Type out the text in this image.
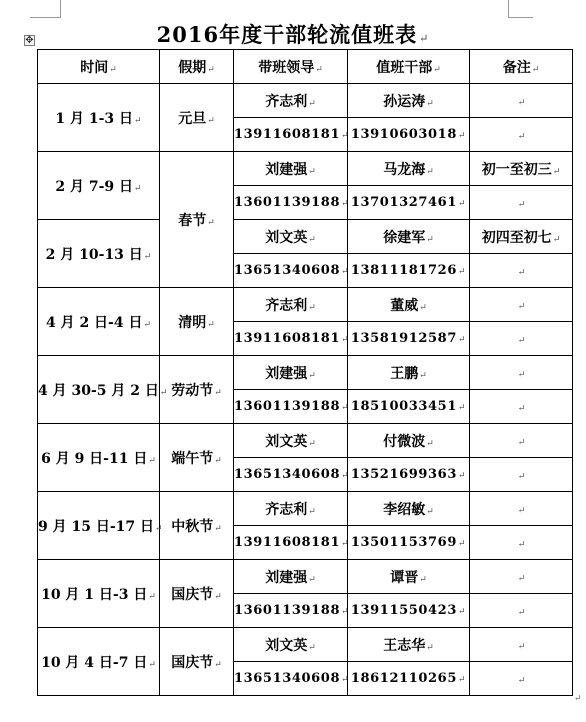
✥	2016年度干部轮流值班表 ↵
时间↵	假期↵	带班领导↵	值班干部↵	备注↵
1 月 1-3 日↵	元旦↵	齐志利↵	孙运涛↵	↵
		13911608181↵	13910603018↵	↵
2 月 7-9 日↵	春节↵	刘建强↵	马龙海↵	初一至初三↵
		13601139188↵	13701327461↵	↵
2 月 10-13 日↵		刘文英↵	徐建军↵	初四至初七↵
		13651340608↵	13811181726↵	↵
4 月 2 日-4 日↵	清明↵	齐志利↵	董威↵	↵
		13911608181↵	13581912587↵	↵
4 月 30-5 月 2 日↵	劳动节↵	刘建强↵	王鹏↵	↵
		13601139188↵	18510033451↵	↵
6 月 9 日-11 日↵	端午节↵	刘文英↵	付微波↵	↵
		13651340608↵	13521699363↵	↵
9 月 15 日-17 日↵	中秋节↵	齐志利↵	李绍敏↵	↵
		13911608181↵	13501153769↵	↵
10 月 1 日-3 日↵	国庆节↵	刘建强↵	谭晋↵	↵
		13601139188↵	13911550423↵	↵
10 月 4 日-7 日↵	国庆节↵	刘文英↵	王志华↵	↵
		13651340608↵	18612110265↵	↵
↵
